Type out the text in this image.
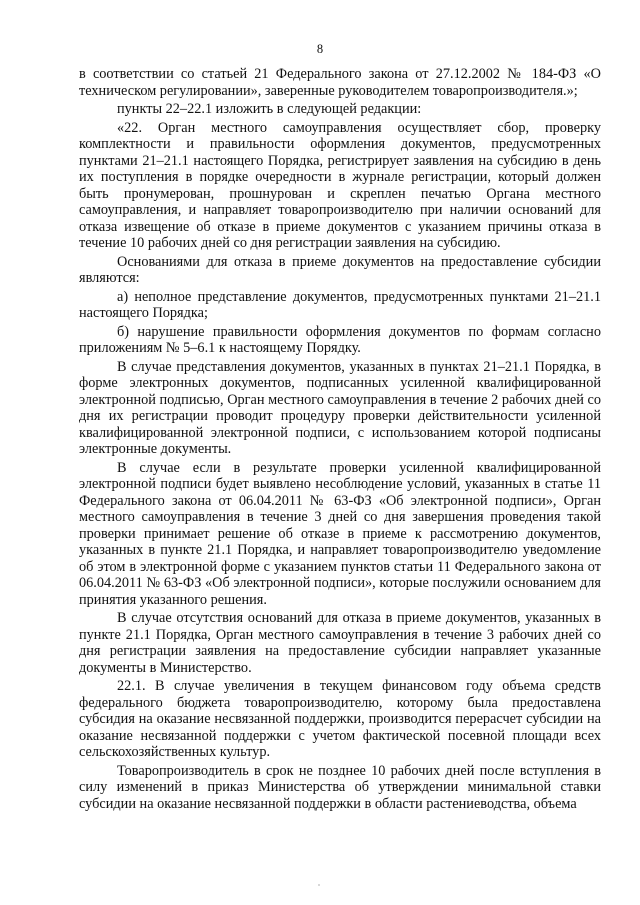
8

в соответствии со статьей 21 Федерального закона от 27.12.2002 № 184-ФЗ «О техническом регулировании», заверенные руководителем товаропроизводителя.»;

пункты 22–22.1 изложить в следующей редакции:

«22. Орган местного самоуправления осуществляет сбор, проверку комплектности и правильности оформления документов, предусмотренных пунктами 21–21.1 настоящего Порядка, регистрирует заявления на субсидию в день их поступления в порядке очередности в журнале регистрации, который должен быть пронумерован, прошнурован и скреплен печатью Органа местного самоуправления, и направляет товаропроизводителю при наличии оснований для отказа извещение об отказе в приеме документов с указанием причины отказа в течение 10 рабочих дней со дня регистрации заявления на субсидию.

Основаниями для отказа в приеме документов на предоставление субсидии являются:

а) неполное представление документов, предусмотренных пунктами 21–21.1 настоящего Порядка;

б) нарушение правильности оформления документов по формам согласно приложениям № 5–6.1 к настоящему Порядку.

В случае представления документов, указанных в пунктах 21–21.1 Порядка, в форме электронных документов, подписанных усиленной квалифицированной электронной подписью, Орган местного самоуправления в течение 2 рабочих дней со дня их регистрации проводит процедуру проверки действительности усиленной квалифицированной электронной подписи, с использованием которой подписаны электронные документы.

В случае если в результате проверки усиленной квалифицированной электронной подписи будет выявлено несоблюдение условий, указанных в статье 11 Федерального закона от 06.04.2011 № 63-ФЗ «Об электронной подписи», Орган местного самоуправления в течение 3 дней со дня завершения проведения такой проверки принимает решение об отказе в приеме к рассмотрению документов, указанных в пункте 21.1 Порядка, и направляет товаропроизводителю уведомление об этом в электронной форме с указанием пунктов статьи 11 Федерального закона от 06.04.2011 № 63-ФЗ «Об электронной подписи», которые послужили основанием для принятия указанного решения.

В случае отсутствия оснований для отказа в приеме документов, указанных в пункте 21.1 Порядка, Орган местного самоуправления в течение 3 рабочих дней со дня регистрации заявления на предоставление субсидии направляет указанные документы в Министерство.

22.1. В случае увеличения в текущем финансовом году объема средств федерального бюджета товаропроизводителю, которому была предоставлена субсидия на оказание несвязанной поддержки, производится перерасчет субсидии на оказание несвязанной поддержки с учетом фактической посевной площади всех сельскохозяйственных культур.

Товаропроизводитель в срок не позднее 10 рабочих дней после вступления в силу изменений в приказ Министерства об утверждении минимальной ставки субсидии на оказание несвязанной поддержки в области растениеводства, объема
